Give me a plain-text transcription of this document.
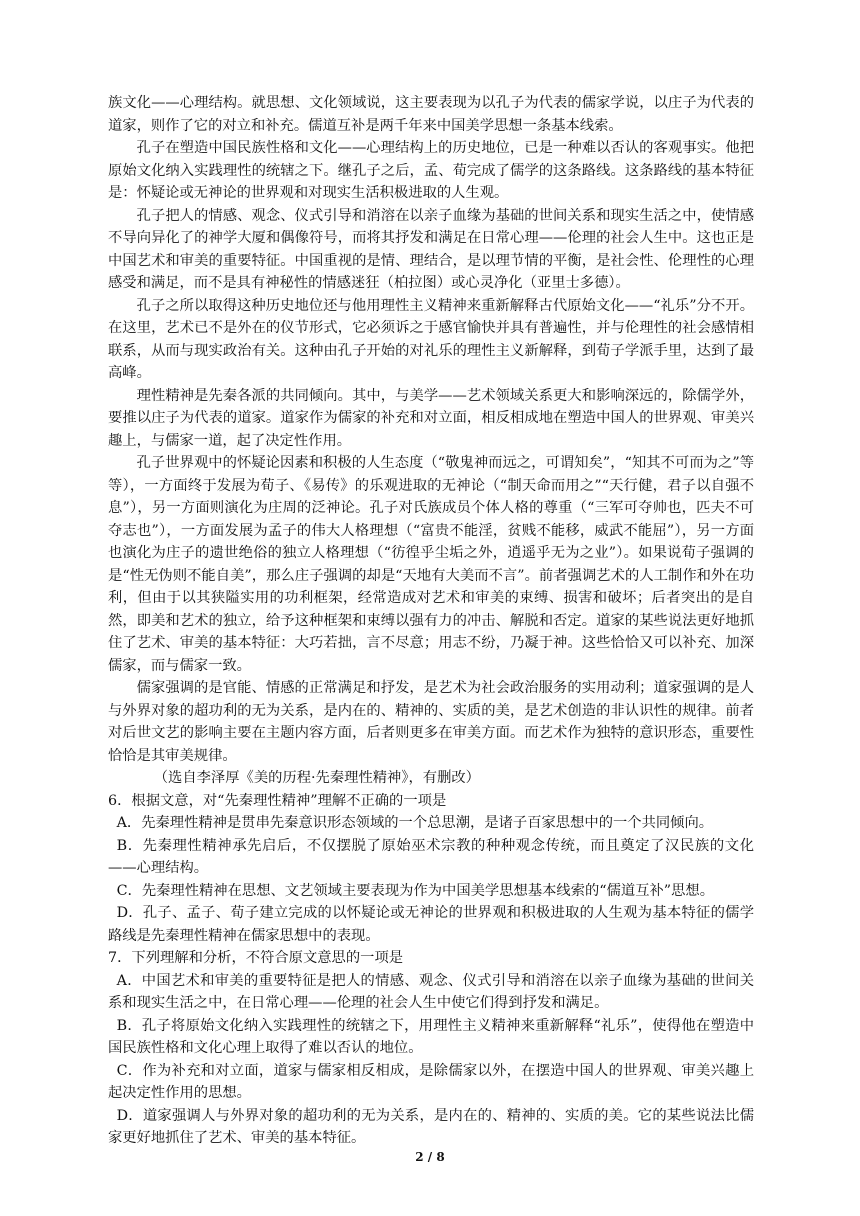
族文化——心理结构。就思想、文化领域说，这主要表现为以孔子为代表的儒家学说，以庄子为代表的道家，则作了它的对立和补充。儒道互补是两千年来中国美学思想一条基本线索。

孔子在塑造中国民族性格和文化——心理结构上的历史地位，已是一种难以否认的客观事实。他把原始文化纳入实践理性的统辖之下。继孔子之后，孟、荀完成了儒学的这条路线。这条路线的基本特征是：怀疑论或无神论的世界观和对现实生活积极进取的人生观。

孔子把人的情感、观念、仪式引导和消溶在以亲子血缘为基础的世间关系和现实生活之中，使情感不导向异化了的神学大厦和偶像符号，而将其抒发和满足在日常心理——伦理的社会人生中。这也正是中国艺术和审美的重要特征。中国重视的是情、理结合，是以理节情的平衡，是社会性、伦理性的心理感受和满足，而不是具有神秘性的情感迷狂（柏拉图）或心灵净化（亚里士多德）。

孔子之所以取得这种历史地位还与他用理性主义精神来重新解释古代原始文化——“礼乐”分不开。在这里，艺术已不是外在的仪节形式，它必须诉之于感官愉快并具有普遍性，并与伦理性的社会感情相联系，从而与现实政治有关。这种由孔子开始的对礼乐的理性主义新解释，到荀子学派手里，达到了最高峰。

理性精神是先秦各派的共同倾向。其中，与美学——艺术领域关系更大和影响深远的，除儒学外，要推以庄子为代表的道家。道家作为儒家的补充和对立面，相反相成地在塑造中国人的世界观、审美兴趣上，与儒家一道，起了决定性作用。

孔子世界观中的怀疑论因素和积极的人生态度（“敬鬼神而远之，可谓知矣”，“知其不可而为之”等等），一方面终于发展为荀子、《易传》的乐观进取的无神论（“制天命而用之”“天行健，君子以自强不息”），另一方面则演化为庄周的泛神论。孔子对氏族成员个体人格的尊重（“三军可夺帅也，匹夫不可夺志也”），一方面发展为孟子的伟大人格理想（“富贵不能淫，贫贱不能移，威武不能屈”），另一方面也演化为庄子的遗世绝俗的独立人格理想（“彷徨乎尘垢之外，逍遥乎无为之业”）。如果说荀子强调的是“性无伪则不能自美”，那么庄子强调的却是“天地有大美而不言”。前者强调艺术的人工制作和外在功利，但由于以其狭隘实用的功利框架，经常造成对艺术和审美的束缚、损害和破坏；后者突出的是自然，即美和艺术的独立，给予这种框架和束缚以强有力的冲击、解脱和否定。道家的某些说法更好地抓住了艺术、审美的基本特征：大巧若拙，言不尽意；用志不纷，乃凝于神。这些恰恰又可以补充、加深儒家，而与儒家一致。

儒家强调的是官能、情感的正常满足和抒发，是艺术为社会政治服务的实用动利；道家强调的是人与外界对象的超功利的无为关系，是内在的、精神的、实质的美，是艺术创造的非认识性的规律。前者对后世文艺的影响主要在主题内容方面，后者则更多在审美方面。而艺术作为独特的意识形态，重要性恰恰是其审美规律。

（选自李泽厚《美的历程·先秦理性精神》，有删改）

6．根据文意，对“先秦理性精神”理解不正确的一项是

A．先秦理性精神是贯串先秦意识形态领域的一个总思潮，是诸子百家思想中的一个共同倾向。

B．先秦理性精神承先启后，不仅摆脱了原始巫术宗教的种种观念传统，而且奠定了汉民族的文化——心理结构。

C．先秦理性精神在思想、文艺领域主要表现为作为中国美学思想基本线索的“儒道互补”思想。

D．孔子、孟子、荀子建立完成的以怀疑论或无神论的世界观和积极进取的人生观为基本特征的儒学路线是先秦理性精神在儒家思想中的表现。

7．下列理解和分析，不符合原文意思的一项是

A．中国艺术和审美的重要特征是把人的情感、观念、仪式引导和消溶在以亲子血缘为基础的世间关系和现实生活之中，在日常心理——伦理的社会人生中使它们得到抒发和满足。

B．孔子将原始文化纳入实践理性的统辖之下，用理性主义精神来重新解释“礼乐”，使得他在塑造中国民族性格和文化心理上取得了难以否认的地位。

C．作为补充和对立面，道家与儒家相反相成，是除儒家以外，在摆造中国人的世界观、审美兴趣上起决定性作用的思想。

D．道家强调人与外界对象的超功利的无为关系，是内在的、精神的、实质的美。它的某些说法比儒家更好地抓住了艺术、审美的基本特征。

2 / 8
